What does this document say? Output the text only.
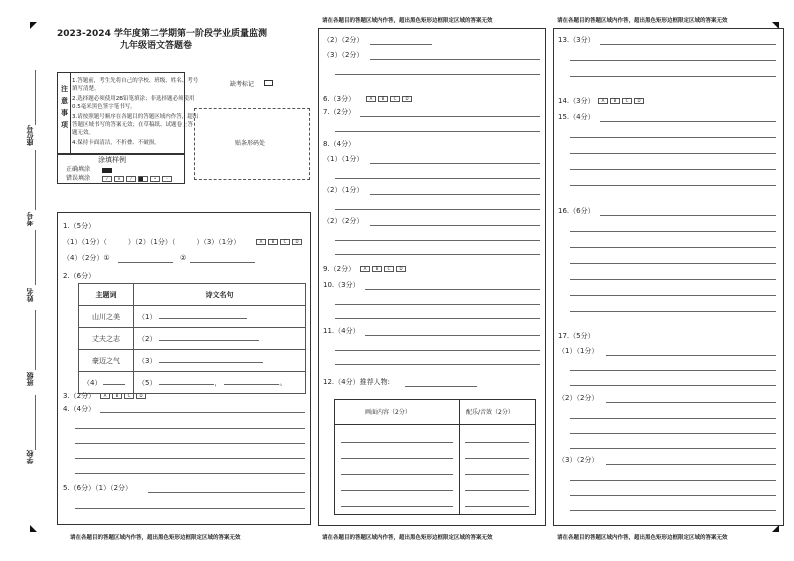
座位号
考号
姓名
班级
学校
2023-2024 学年度第二学期第一阶段学业质量监测
九年级语文答题卷
缺考标记
注
意
事
项
1.答题前，考生先将自己的学校、班级、姓名、考号
填写清楚。
2.选择题必须使用2B铅笔填涂；非选择题必须使用
0.5毫米黑色签字笔书写。
3.请按照题号顺序在各题目的答题区域内作答，超出
答题区域书写的答案无效；在草稿纸、试题卷上答
题无效。
4.保持卡面清洁，不折叠、不破损。
涂填样例
正确填涂
错误填涂	✓ ✕ /	•	-
贴条形码处
1.（5分）
（1）（1分）（　　　）（2）（1分）（　　　）（3）（1分）	A B C D
（4）（2分）①	②
2.（6分）
主题词	诗文名句
山川之美	（1）
丈夫之志	（2）
豪迈之气	（3）
（4）	（5） ， 。
3.（2分）	A B C D
4.（4分）
5.（6分）（1）（2分）
请在各题目的答题区域内作答，超出黑色矩形边框限定区域的答案无效
请在各题目的答题区域内作答，超出黑色矩形边框限定区域的答案无效
（2）（2分）
（3）（2分）
6.（3分）	A B C D
7.（2分）
8.（4分）
（1）（1分）
（2）（1分）
（2）（2分）
9.（2分）	A B C D
10.（3分）
11.（4分）
12.（4分）推荐人物:
画面内容（2分）	配乐/音效（2分）
请在各题目的答题区域内作答，超出黑色矩形边框限定区域的答案无效
请在各题目的答题区域内作答，超出黑色矩形边框限定区域的答案无效
13.（3分）
14.（3分）	A B C D
15.（4分）
16.（6分）
17.（5分）
（1）（1分）
（2）（2分）
（3）（2分）
请在各题目的答题区域内作答，超出黑色矩形边框限定区域的答案无效
